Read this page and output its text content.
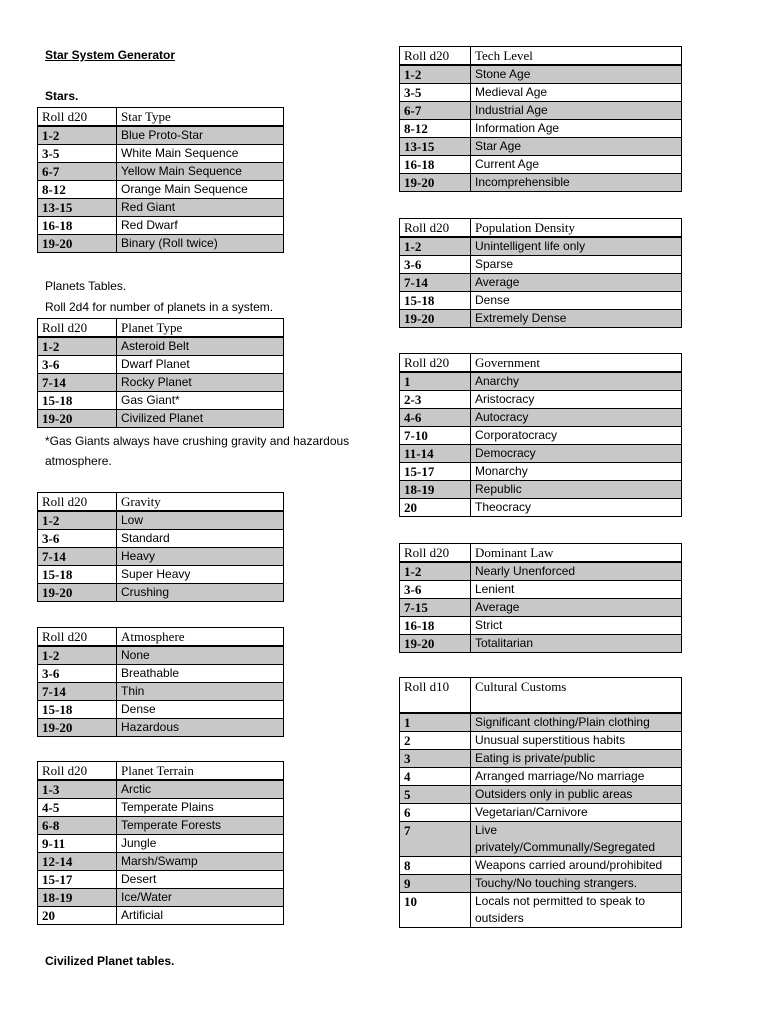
Star System Generator
Stars.
Roll d20	Star Type
1-2	Blue Proto-Star
3-5	White Main Sequence
6-7	Yellow Main Sequence
8-12	Orange Main Sequence
13-15	Red Giant
16-18	Red Dwarf
19-20	Binary (Roll twice)
Planets Tables.
Roll 2d4 for number of planets in a system.
Roll d20	Planet Type
1-2	Asteroid Belt
3-6	Dwarf Planet
7-14	Rocky Planet
15-18	Gas Giant*
19-20	Civilized Planet
*Gas Giants always have crushing gravity and hazardous atmosphere.
Roll d20	Gravity
1-2	Low
3-6	Standard
7-14	Heavy
15-18	Super Heavy
19-20	Crushing
Roll d20	Atmosphere
1-2	None
3-6	Breathable
7-14	Thin
15-18	Dense
19-20	Hazardous
Roll d20	Planet Terrain
1-3	Arctic
4-5	Temperate Plains
6-8	Temperate Forests
9-11	Jungle
12-14	Marsh/Swamp
15-17	Desert
18-19	Ice/Water
20	Artificial
Civilized Planet tables.
Roll d20	Tech Level
1-2	Stone Age
3-5	Medieval Age
6-7	Industrial Age
8-12	Information Age
13-15	Star Age
16-18	Current Age
19-20	Incomprehensible
Roll d20	Population Density
1-2	Unintelligent life only
3-6	Sparse
7-14	Average
15-18	Dense
19-20	Extremely Dense
Roll d20	Government
1	Anarchy
2-3	Aristocracy
4-6	Autocracy
7-10	Corporatocracy
11-14	Democracy
15-17	Monarchy
18-19	Republic
20	Theocracy
Roll d20	Dominant Law
1-2	Nearly Unenforced
3-6	Lenient
7-15	Average
16-18	Strict
19-20	Totalitarian
Roll d10	Cultural Customs
1	Significant clothing/Plain clothing
2	Unusual superstitious habits
3	Eating is private/public
4	Arranged marriage/No marriage
5	Outsiders only in public areas
6	Vegetarian/Carnivore
7	Live privately/Communally/Segregated
8	Weapons carried around/prohibited
9	Touchy/No touching strangers.
10	Locals not permitted to speak to outsiders
